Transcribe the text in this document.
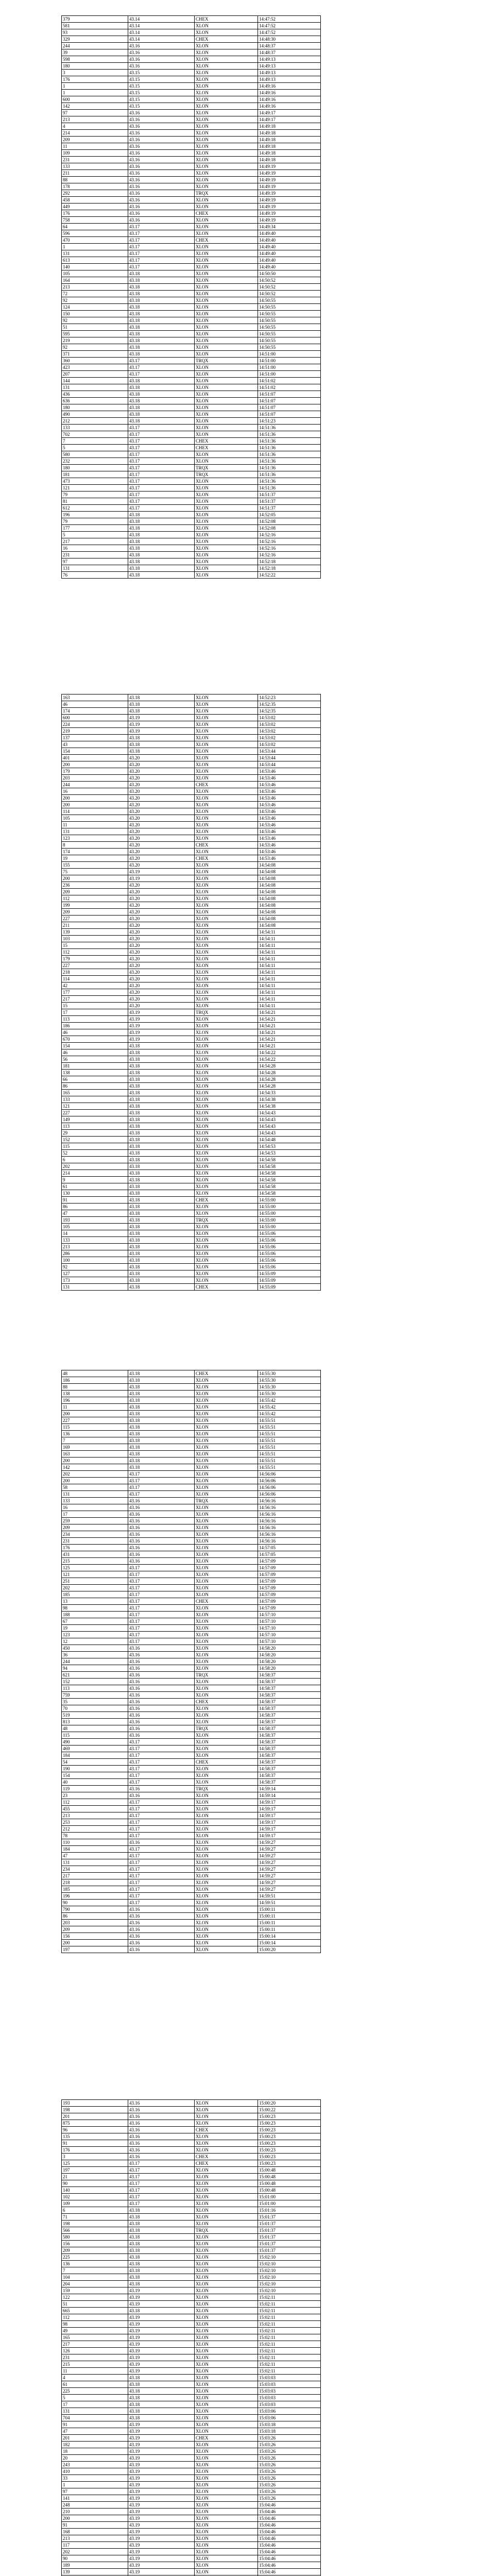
379	43.14	CHEX	14:47:52
581	43.14	XLON	14:47:52
93	43.14	XLON	14:47:52
329	43.14	CHEX	14:48:30
244	43.16	XLON	14:48:37
39	43.16	XLON	14:48:37
598	43.16	XLON	14:49:13
180	43.16	XLON	14:49:13
3	43.15	XLON	14:49:13
176	43.15	XLON	14:49:13
1	43.15	XLON	14:49:16
1	43.15	XLON	14:49:16
600	43.15	XLON	14:49:16
142	43.15	XLON	14:49:16
97	43.16	XLON	14:49:17
213	43.16	XLON	14:49:17
4	43.16	XLON	14:49:18
214	43.16	XLON	14:49:18
209	43.16	XLON	14:49:18
11	43.16	XLON	14:49:18
109	43.16	XLON	14:49:18
231	43.16	XLON	14:49:18
133	43.16	XLON	14:49:19
211	43.16	XLON	14:49:19
88	43.16	XLON	14:49:19
178	43.16	XLON	14:49:19
292	43.16	TRQX	14:49:19
458	43.16	XLON	14:49:19
449	43.16	XLON	14:49:19
176	43.16	CHEX	14:49:19
758	43.16	XLON	14:49:19
64	43.17	XLON	14:49:34
596	43.17	XLON	14:49:40
470	43.17	CHEX	14:49:40
1	43.17	XLON	14:49:40
131	43.17	XLON	14:49:40
613	43.17	XLON	14:49:40
140	43.17	XLON	14:49:40
105	43.18	XLON	14:50:50
164	43.18	XLON	14:50:52
213	43.18	XLON	14:50:52
72	43.18	XLON	14:50:52
92	43.18	XLON	14:50:55
124	43.18	XLON	14:50:55
150	43.18	XLON	14:50:55
92	43.18	XLON	14:50:55
51	43.18	XLON	14:50:55
595	43.18	XLON	14:50:55
219	43.18	XLON	14:50:55
92	43.18	XLON	14:50:55
371	43.18	XLON	14:51:00
360	43.17	TRQX	14:51:00
423	43.17	XLON	14:51:00
207	43.17	XLON	14:51:00
144	43.18	XLON	14:51:02
131	43.18	XLON	14:51:02
436	43.18	XLON	14:51:07
636	43.18	XLON	14:51:07
180	43.18	XLON	14:51:07
490	43.18	XLON	14:51:07
212	43.18	XLON	14:51:23
133	43.17	XLON	14:51:36
702	43.17	XLON	14:51:36
7	43.17	CHEX	14:51:36
5	43.17	CHEX	14:51:36
580	43.17	XLON	14:51:36
232	43.17	XLON	14:51:36
180	43.17	TRQX	14:51:36
181	43.17	TRQX	14:51:36
473	43.17	XLON	14:51:36
121	43.17	XLON	14:51:36
79	43.17	XLON	14:51:37
81	43.17	XLON	14:51:37
612	43.17	XLON	14:51:37
196	43.18	XLON	14:52:05
79	43.18	XLON	14:52:08
177	43.18	XLON	14:52:08
5	43.18	XLON	14:52:16
217	43.18	XLON	14:52:16
16	43.18	XLON	14:52:16
231	43.18	XLON	14:52:16
97	43.18	XLON	14:52:18
131	43.18	XLON	14:52:18
76	43.18	XLON	14:52:22
163	43.18	XLON	14:52:23
46	43.18	XLON	14:52:35
174	43.18	XLON	14:52:35
600	43.19	XLON	14:53:02
224	43.19	XLON	14:53:02
219	43.19	XLON	14:53:02
137	43.18	XLON	14:53:02
43	43.18	XLON	14:53:02
154	43.18	XLON	14:53:44
401	43.20	XLON	14:53:44
200	43.20	XLON	14:53:44
179	43.20	XLON	14:53:46
203	43.20	XLON	14:53:46
244	43.20	CHEX	14:53:46
16	43.20	XLON	14:53:46
200	43.20	XLON	14:53:46
200	43.20	XLON	14:53:46
114	43.20	XLON	14:53:46
105	43.20	XLON	14:53:46
11	43.20	XLON	14:53:46
131	43.20	XLON	14:53:46
123	43.20	XLON	14:53:46
8	43.20	CHEX	14:53:46
174	43.20	XLON	14:53:46
19	43.20	CHEX	14:53:46
155	43.20	XLON	14:54:08
75	43.19	XLON	14:54:08
200	43.19	XLON	14:54:08
236	43.20	XLON	14:54:08
209	43.20	XLON	14:54:08
112	43.20	XLON	14:54:08
199	43.20	XLON	14:54:08
209	43.20	XLON	14:54:08
227	43.20	XLON	14:54:08
211	43.20	XLON	14:54:08
139	43.20	XLON	14:54:11
103	43.20	XLON	14:54:11
15	43.20	XLON	14:54:11
112	43.20	XLON	14:54:11
179	43.20	XLON	14:54:11
227	43.20	XLON	14:54:11
218	43.20	XLON	14:54:11
114	43.20	XLON	14:54:11
42	43.20	XLON	14:54:11
177	43.20	XLON	14:54:11
217	43.20	XLON	14:54:11
15	43.20	XLON	14:54:11
17	43.19	TRQX	14:54:21
113	43.19	XLON	14:54:21
186	43.19	XLON	14:54:21
46	43.19	XLON	14:54:21
670	43.19	XLON	14:54:21
154	43.18	XLON	14:54:21
46	43.18	XLON	14:54:22
56	43.18	XLON	14:54:22
181	43.18	XLON	14:54:28
138	43.18	XLON	14:54:28
66	43.18	XLON	14:54:28
86	43.18	XLON	14:54:28
165	43.18	XLON	14:54:33
133	43.18	XLON	14:54:38
121	43.18	XLON	14:54:38
227	43.18	XLON	14:54:43
149	43.18	XLON	14:54:43
113	43.18	XLON	14:54:43
29	43.18	XLON	14:54:43
152	43.18	XLON	14:54:48
115	43.18	XLON	14:54:53
52	43.18	XLON	14:54:53
6	43.18	XLON	14:54:58
202	43.18	XLON	14:54:58
214	43.18	XLON	14:54:58
9	43.18	XLON	14:54:58
61	43.18	XLON	14:54:58
130	43.18	XLON	14:54:58
91	43.18	CHEX	14:55:00
86	43.18	XLON	14:55:00
47	43.18	XLON	14:55:00
193	43.18	TRQX	14:55:00
105	43.18	XLON	14:55:00
14	43.18	XLON	14:55:06
133	43.18	XLON	14:55:06
213	43.18	XLON	14:55:06
286	43.18	XLON	14:55:06
100	43.18	XLON	14:55:06
92	43.18	XLON	14:55:06
127	43.18	XLON	14:55:09
173	43.18	XLON	14:55:09
131	43.18	CHEX	14:55:09
48	43.18	CHEX	14:55:30
186	43.18	XLON	14:55:30
88	43.18	XLON	14:55:30
138	43.18	XLON	14:55:30
196	43.18	XLON	14:55:42
11	43.18	XLON	14:55:42
200	43.18	XLON	14:55:42
227	43.18	XLON	14:55:51
115	43.18	XLON	14:55:51
136	43.18	XLON	14:55:51
7	43.18	XLON	14:55:51
169	43.18	XLON	14:55:51
163	43.18	XLON	14:55:51
200	43.18	XLON	14:55:51
142	43.18	XLON	14:55:51
202	43.17	XLON	14:56:06
200	43.17	XLON	14:56:06
58	43.17	XLON	14:56:06
131	43.17	XLON	14:56:06
133	43.16	TRQX	14:56:16
16	43.16	XLON	14:56:16
17	43.16	XLON	14:56:16
259	43.16	XLON	14:56:16
209	43.16	XLON	14:56:16
234	43.16	XLON	14:56:16
231	43.16	XLON	14:56:16
176	43.16	XLON	14:57:05
431	43.16	XLON	14:57:05
215	43.16	XLON	14:57:09
125	43.17	XLON	14:57:09
121	43.17	XLON	14:57:09
251	43.17	XLON	14:57:09
202	43.17	XLON	14:57:09
185	43.17	XLON	14:57:09
13	43.17	CHEX	14:57:09
98	43.17	XLON	14:57:09
188	43.17	XLON	14:57:10
67	43.17	XLON	14:57:10
19	43.17	XLON	14:57:10
123	43.17	XLON	14:57:10
12	43.17	XLON	14:57:10
450	43.16	XLON	14:58:20
36	43.16	XLON	14:58:20
244	43.16	XLON	14:58:20
94	43.16	XLON	14:58:20
621	43.16	TRQX	14:58:37
152	43.16	XLON	14:58:37
113	43.16	XLON	14:58:37
759	43.16	XLON	14:58:37
35	43.16	CHEX	14:58:37
70	43.16	XLON	14:58:37
519	43.16	XLON	14:58:37
813	43.16	XLON	14:58:37
48	43.16	TRQX	14:58:37
115	43.16	XLON	14:58:37
490	43.17	XLON	14:58:37
469	43.17	XLON	14:58:37
184	43.17	XLON	14:58:37
54	43.17	CHEX	14:58:37
190	43.17	XLON	14:58:37
154	43.17	XLON	14:58:37
40	43.17	XLON	14:58:37
119	43.16	TRQX	14:59:14
23	43.16	XLON	14:59:14
112	43.17	XLON	14:59:17
455	43.17	XLON	14:59:17
213	43.17	XLON	14:59:17
253	43.17	XLON	14:59:17
212	43.17	XLON	14:59:17
78	43.17	XLON	14:59:17
110	43.16	XLON	14:59:27
184	43.17	XLON	14:59:27
47	43.17	XLON	14:59:27
131	43.17	XLON	14:59:27
234	43.17	XLON	14:59:27
217	43.17	XLON	14:59:27
218	43.17	XLON	14:59:27
185	43.17	XLON	14:59:27
196	43.17	XLON	14:59:51
90	43.17	XLON	14:59:51
790	43.16	XLON	15:00:11
86	43.16	XLON	15:00:11
203	43.16	XLON	15:00:11
209	43.16	XLON	15:00:11
156	43.16	XLON	15:00:14
200	43.16	XLON	15:00:14
197	43.16	XLON	15:00:20
193	43.16	XLON	15:00:20
198	43.16	XLON	15:00:22
201	43.16	XLON	15:00:23
875	43.16	XLON	15:00:23
96	43.16	CHEX	15:00:23
135	43.16	XLON	15:00:23
91	43.16	XLON	15:00:23
176	43.16	XLON	15:00:23
3	43.16	CHEX	15:00:23
125	43.17	CHEX	15:00:23
197	43.17	XLON	15:00:48
21	43.17	XLON	15:00:48
90	43.17	XLON	15:00:48
140	43.17	XLON	15:00:48
102	43.17	XLON	15:01:00
109	43.17	XLON	15:01:00
6	43.18	XLON	15:01:16
71	43.18	XLON	15:01:37
198	43.18	XLON	15:01:37
566	43.18	TRQX	15:01:37
580	43.18	XLON	15:01:37
156	43.18	XLON	15:01:37
209	43.18	XLON	15:01:37
225	43.18	XLON	15:02:10
136	43.18	XLON	15:02:10
7	43.18	XLON	15:02:10
104	43.18	XLON	15:02:10
204	43.18	XLON	15:02:10
159	43.19	XLON	15:02:10
122	43.19	XLON	15:02:11
51	43.19	XLON	15:02:11
665	43.18	XLON	15:02:11
112	43.19	XLON	15:02:11
98	43.19	XLON	15:02:11
49	43.19	XLON	15:02:11
165	43.19	XLON	15:02:11
217	43.19	XLON	15:02:11
126	43.19	XLON	15:02:11
231	43.19	XLON	15:02:11
215	43.19	XLON	15:02:11
11	43.19	XLON	15:02:11
4	43.18	XLON	15:03:03
61	43.18	XLON	15:03:03
225	43.18	XLON	15:03:03
5	43.18	XLON	15:03:03
17	43.18	XLON	15:03:03
131	43.18	XLON	15:03:06
704	43.18	XLON	15:03:06
91	43.19	XLON	15:03:18
47	43.19	XLON	15:03:18
201	43.19	CHEX	15:03:26
182	43.19	XLON	15:03:26
18	43.19	XLON	15:03:26
20	43.19	XLON	15:03:26
243	43.19	XLON	15:03:26
410	43.19	XLON	15:03:26
33	43.19	XLON	15:03:26
1	43.19	XLON	15:03:26
97	43.19	XLON	15:03:26
141	43.19	XLON	15:03:26
248	43.19	XLON	15:04:46
210	43.19	XLON	15:04:46
200	43.19	XLON	15:04:46
91	43.19	XLON	15:04:46
168	43.19	XLON	15:04:46
213	43.19	XLON	15:04:46
117	43.19	XLON	15:04:46
202	43.19	XLON	15:04:46
90	43.19	XLON	15:04:46
189	43.19	XLON	15:04:46
139	43.19	XLON	15:04:46
